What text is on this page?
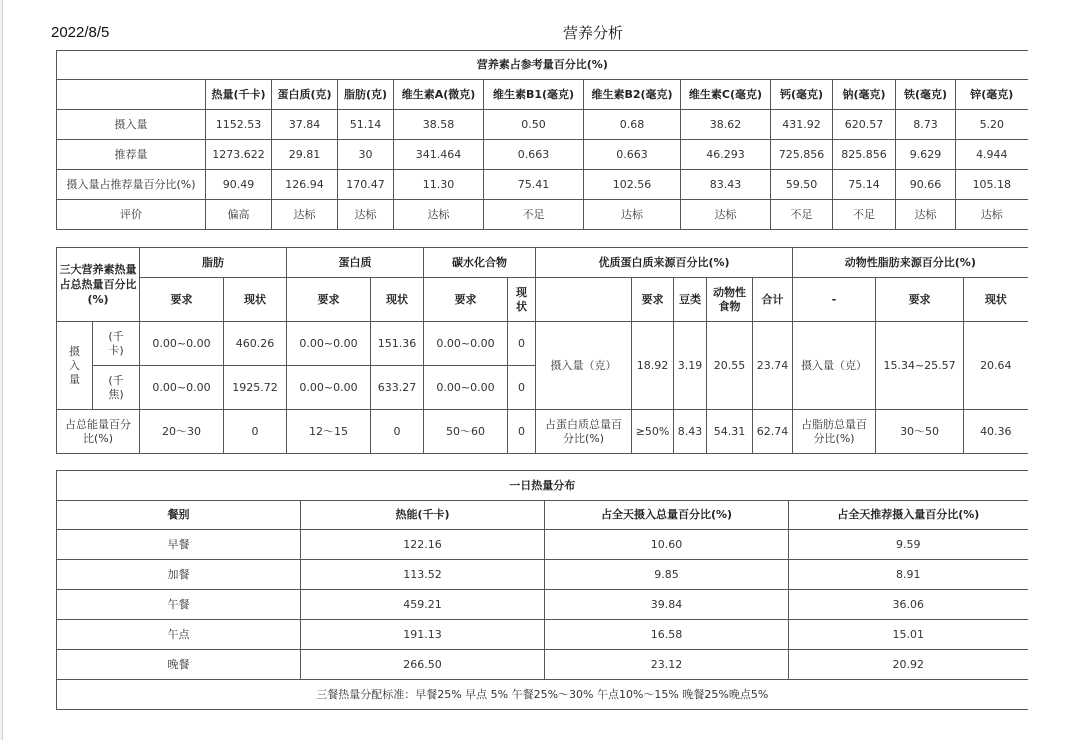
2022/8/5	营养分析
营养素占参考量百分比(%)											
	热量(千卡)	蛋白质(克)	脂肪(克)	维生素A(微克)	维生素B1(毫克)	维生素B2(毫克)	维生素C(毫克)	钙(毫克)	钠(毫克)	铁(毫克)	锌(毫克)
摄入量	1152.53	37.84	51.14	38.58	0.50	0.68	38.62	431.92	620.57	8.73	5.20
推荐量	1273.622	29.81	30	341.464	0.663	0.663	46.293	725.856	825.856	9.629	4.944
摄入量占推荐量百分比(%)	90.49	126.94	170.47	11.30	75.41	102.56	83.43	59.50	75.14	90.66	105.18
评价	偏高	达标	达标	达标	不足	达标	达标	不足	不足	达标	达标
三大营养素热量占总热量百分比(%)		脂肪		蛋白质		碳水化合物		优质蛋白质来源百分比(%)					动物性脂肪来源百分比(%)		
		要求	现状	要求	现状	要求	现状		要求	豆类	动物性食物	合计	-	要求	现状
摄入量	(千卡)	0.00~0.00	460.26	0.00~0.00	151.36	0.00~0.00	0	摄入量（克）	18.92	3.19	20.55	23.74	摄入量（克）	15.34~25.57	20.64
	(千焦)	0.00~0.00	1925.72	0.00~0.00	633.27	0.00~0.00	0								
占总能量百分比(%)		20～30	0	12～15	0	50～60	0	占蛋白质总量百分比(%)	≥50%	8.43	54.31	62.74	占脂肪总量百分比(%)	30～50	40.36
一日热量分布			
餐别	热能(千卡)	占全天摄入总量百分比(%)	占全天推荐摄入量百分比(%)
早餐	122.16	10.60	9.59
加餐	113.52	9.85	8.91
午餐	459.21	39.84	36.06
午点	191.13	16.58	15.01
晚餐	266.50	23.12	20.92
三餐热量分配标准：早餐25% 早点 5% 午餐25%～30% 午点10%～15% 晚餐25%晚点5%			
